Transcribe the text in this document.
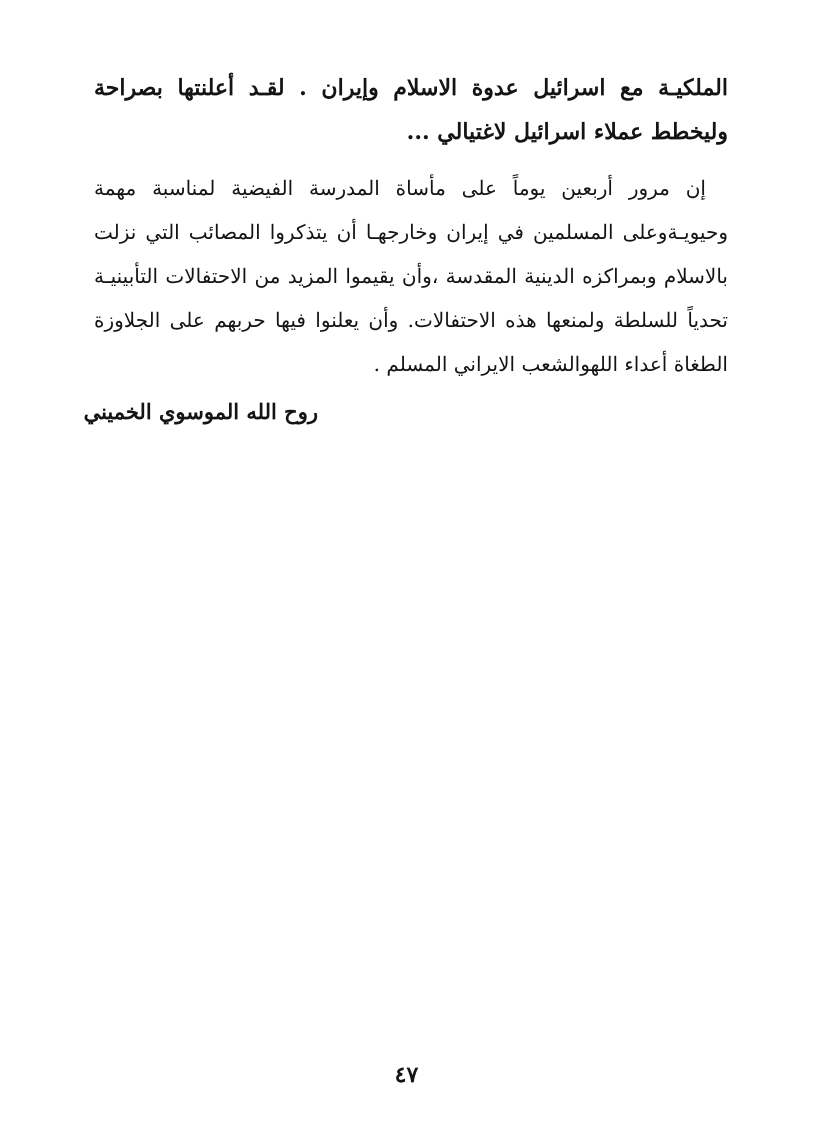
الملكيـة مع اسرائيل عدوة الاسلام وإيران . لقـد أعلنتها بصراحة وليخطط عملاء اسرائيل لاغتيالي ...

إن مرور أربعين يوماً على مأساة المدرسة الفيضية لمناسبة مهمة وحيويـةوعلى المسلمين في إيران وخارجهـا أن يتذكروا المصائب التي نزلت بالاسلام وبمراكزه الدينية المقدسة ،وأن يقيموا المزيد من الاحتفالات التأبينيـة تحدياً للسلطة ولمنعها هذه الاحتفالات. وأن يعلنوا فيها حربهم على الجلاوزة الطغاة أعداء اللهوالشعب الايراني المسلم .

روح الله الموسوي الخميني
٤٧
